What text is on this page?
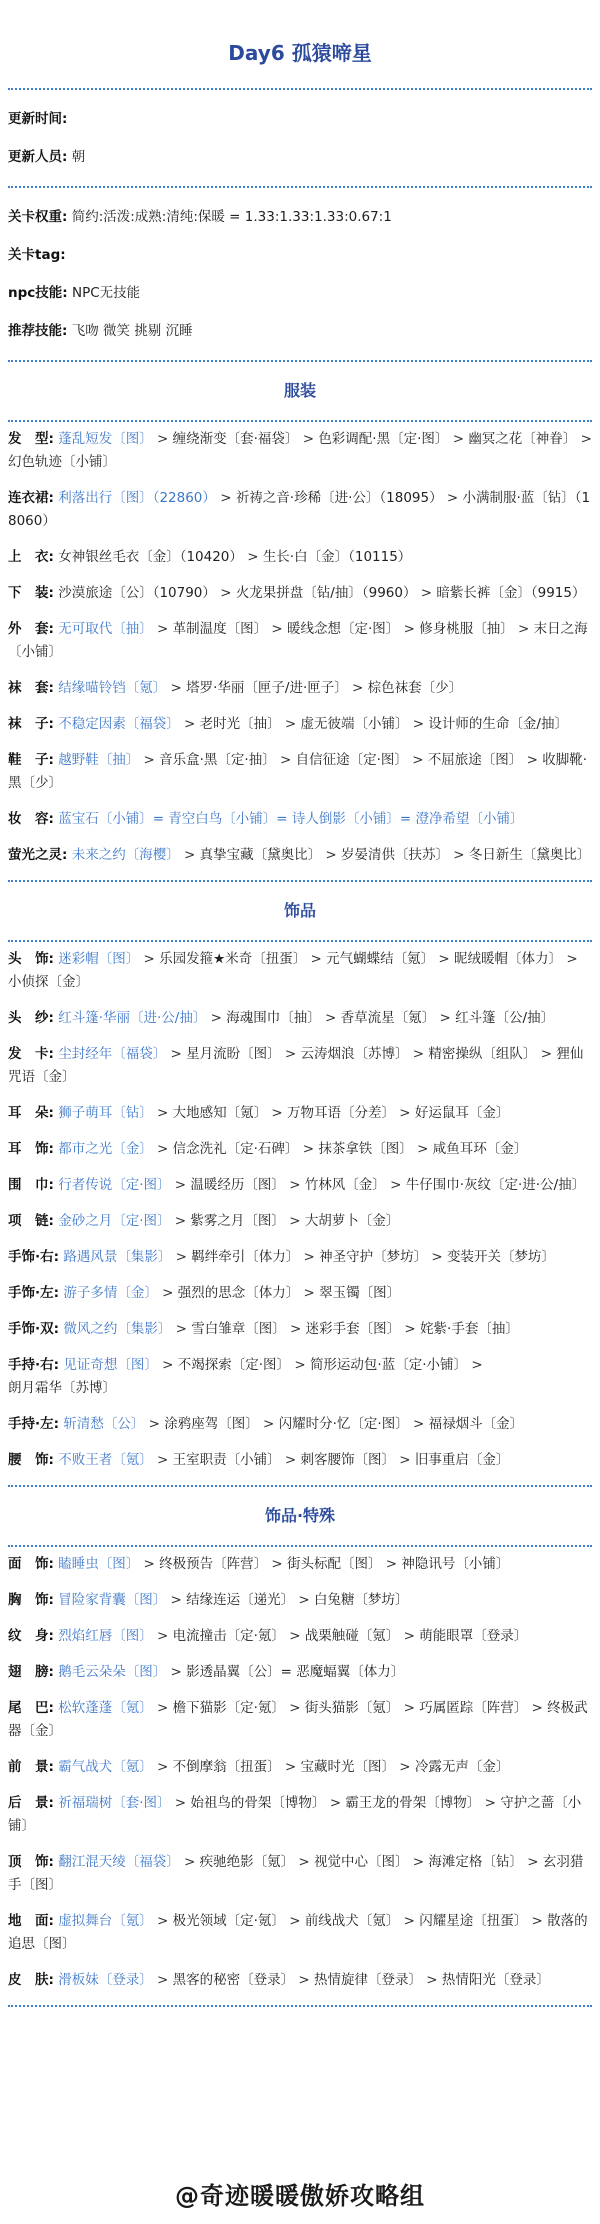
Day6 孤猿啼星
更新时间:
更新人员: 朝
关卡权重: 简约:活泼:成熟:清纯:保暖 = 1.33:1.33:1.33:0.67:1
关卡tag:
npc技能: NPC无技能
推荐技能: 飞吻 微笑 挑剔 沉睡
服装
发　型: 蓬乱短发〔图〕 > 缠绕渐变〔套·福袋〕 > 色彩调配·黑〔定·图〕 > 幽冥之花〔神眷〕 > 幻色轨迹〔小铺〕
连衣裙: 利落出行〔图〕（22860） > 祈祷之音·珍稀〔进·公〕（18095） > 小满制服·蓝〔钻〕（18060）
上　衣: 女神银丝毛衣〔金〕（10420） > 生长·白〔金〕（10115）
下　装: 沙漠旅途〔公〕（10790） > 火龙果拼盘〔钻/抽〕（9960） > 暗紫长裤〔金〕（9915）
外　套: 无可取代〔抽〕 > 革制温度〔图〕 > 暖线念想〔定·图〕 > 修身桃服〔抽〕 > 末日之海〔小铺〕
袜　套: 结缘喵铃铛〔氪〕 > 塔罗·华丽〔匣子/进·匣子〕 > 棕色袜套〔少〕
袜　子: 不稳定因素〔福袋〕 > 老时光〔抽〕 > 虚无彼端〔小铺〕 > 设计师的生命〔金/抽〕
鞋　子: 越野鞋〔抽〕 > 音乐盒·黑〔定·抽〕 > 自信征途〔定·图〕 > 不屈旅途〔图〕 > 收脚靴·黑〔少〕
妆　容: 蓝宝石〔小铺〕= 青空白鸟〔小铺〕= 诗人倒影〔小铺〕= 澄净希望〔小铺〕
萤光之灵: 未来之约〔海樱〕 > 真挚宝藏〔黛奥比〕 > 岁晏清供〔扶苏〕 > 冬日新生〔黛奥比〕
饰品
头　饰: 迷彩帽〔图〕 > 乐园发箍★米奇〔扭蛋〕 > 元气蝴蝶结〔氪〕 > 昵绒暖帽〔体力〕 > 小侦探〔金〕
头　纱: 红斗篷·华丽〔进·公/抽〕 > 海魂围巾〔抽〕 > 香草流星〔氪〕 > 红斗篷〔公/抽〕
发　卡: 尘封经年〔福袋〕 > 星月流盼〔图〕 > 云涛烟浪〔苏博〕 > 精密操纵〔组队〕 > 狸仙咒语〔金〕
耳　朵: 狮子萌耳〔钻〕 > 大地感知〔氪〕 > 万物耳语〔分差〕 > 好运鼠耳〔金〕
耳　饰: 都市之光〔金〕 > 信念洗礼〔定·石碑〕 > 抹茶拿铁〔图〕 > 咸鱼耳环〔金〕
围　巾: 行者传说〔定·图〕 > 温暖经历〔图〕 > 竹林风〔金〕 > 牛仔围巾·灰纹〔定·进·公/抽〕
项　链: 金砂之月〔定·图〕 > 紫雾之月〔图〕 > 大胡萝卜〔金〕
手饰·右: 路遇风景〔集影〕 > 羁绊牵引〔体力〕 > 神圣守护〔梦坊〕 > 变装开关〔梦坊〕
手饰·左: 游子多情〔金〕 > 强烈的思念〔体力〕 > 翠玉镯〔图〕
手饰·双: 微风之约〔集影〕 > 雪白雏章〔图〕 > 迷彩手套〔图〕 > 姹紫·手套〔抽〕
手持·右: 见证奇想〔图〕 > 不竭探索〔定·图〕 > 简形运动包·蓝〔定·小铺〕 > 朗月霜华〔苏博〕
手持·左: 斩清愁〔公〕 > 涂鸦座驾〔图〕 > 闪耀时分·忆〔定·图〕 > 福禄烟斗〔金〕
腰　饰: 不败王者〔氪〕 > 王室职责〔小铺〕 > 刺客腰饰〔图〕 > 旧事重启〔金〕
饰品·特殊
面　饰: 瞌睡虫〔图〕 > 终极预告〔阵营〕 > 街头标配〔图〕 > 神隐讯号〔小铺〕
胸　饰: 冒险家背囊〔图〕 > 结缘连运〔递光〕 > 白兔糖〔梦坊〕
纹　身: 烈焰红唇〔图〕 > 电流撞击〔定·氪〕 > 战栗触碰〔氪〕 > 萌能眼罩〔登录〕
翅　膀: 鹅毛云朵朵〔图〕 > 影透晶翼〔公〕= 恶魔蝠翼〔体力〕
尾　巴: 松软蓬蓬〔氪〕 > 檐下猫影〔定·氪〕 > 街头猫影〔氪〕 > 巧属匿踪〔阵营〕 > 终极武器〔金〕
前　景: 霸气战犬〔氪〕 > 不倒摩翁〔扭蛋〕 > 宝藏时光〔图〕 > 冷露无声〔金〕
后　景: 祈福瑞树〔套·图〕 > 始祖鸟的骨架〔博物〕 > 霸王龙的骨架〔博物〕 > 守护之蔷〔小铺〕
顶　饰: 翻江混天绫〔福袋〕 > 疾驰绝影〔氪〕 > 视觉中心〔图〕 > 海滩定格〔钻〕 > 玄羽猎手〔图〕
地　面: 虚拟舞台〔氪〕 > 极光领域〔定·氪〕 > 前线战犬〔氪〕 > 闪耀星途〔扭蛋〕 > 散落的追思〔图〕
皮　肤: 滑板妹〔登录〕 > 黑客的秘密〔登录〕 > 热情旋律〔登录〕 > 热情阳光〔登录〕
@奇迹暖暖傲娇攻略组
